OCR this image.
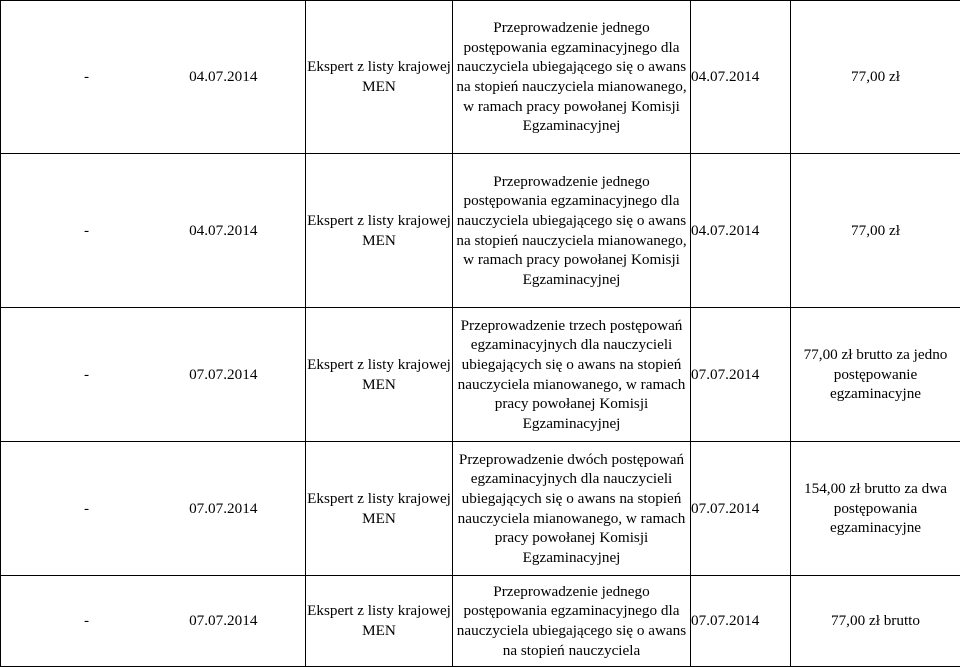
- 04.07.2014	Ekspert z listy krajowej MEN	Przeprowadzenie jednego postępowania egzaminacyjnego dla nauczyciela ubiegającego się o awans na stopień nauczyciela mianowanego, w ramach pracy powołanej Komisji Egzaminacyjnej	04.07.2014	77,00 zł

- 04.07.2014	Ekspert z listy krajowej MEN	Przeprowadzenie jednego postępowania egzaminacyjnego dla nauczyciela ubiegającego się o awans na stopień nauczyciela mianowanego, w ramach pracy powołanej Komisji Egzaminacyjnej	04.07.2014	77,00 zł

- 07.07.2014	Ekspert z listy krajowej MEN	Przeprowadzenie trzech postępowań egzaminacyjnych dla nauczycieli ubiegających się o awans na stopień nauczyciela mianowanego, w ramach pracy powołanej Komisji Egzaminacyjnej	07.07.2014	77,00 zł brutto za jedno postępowanie egzaminacyjne

- 07.07.2014	Ekspert z listy krajowej MEN	Przeprowadzenie dwóch postępowań egzaminacyjnych dla nauczycieli ubiegających się o awans na stopień nauczyciela mianowanego, w ramach pracy powołanej Komisji Egzaminacyjnej	07.07.2014	154,00 zł brutto za dwa postępowania egzaminacyjne

- 07.07.2014	Ekspert z listy krajowej MEN	Przeprowadzenie jednego postępowania egzaminacyjnego dla nauczyciela ubiegającego się o awans na stopień nauczyciela	07.07.2014	77,00 zł brutto
